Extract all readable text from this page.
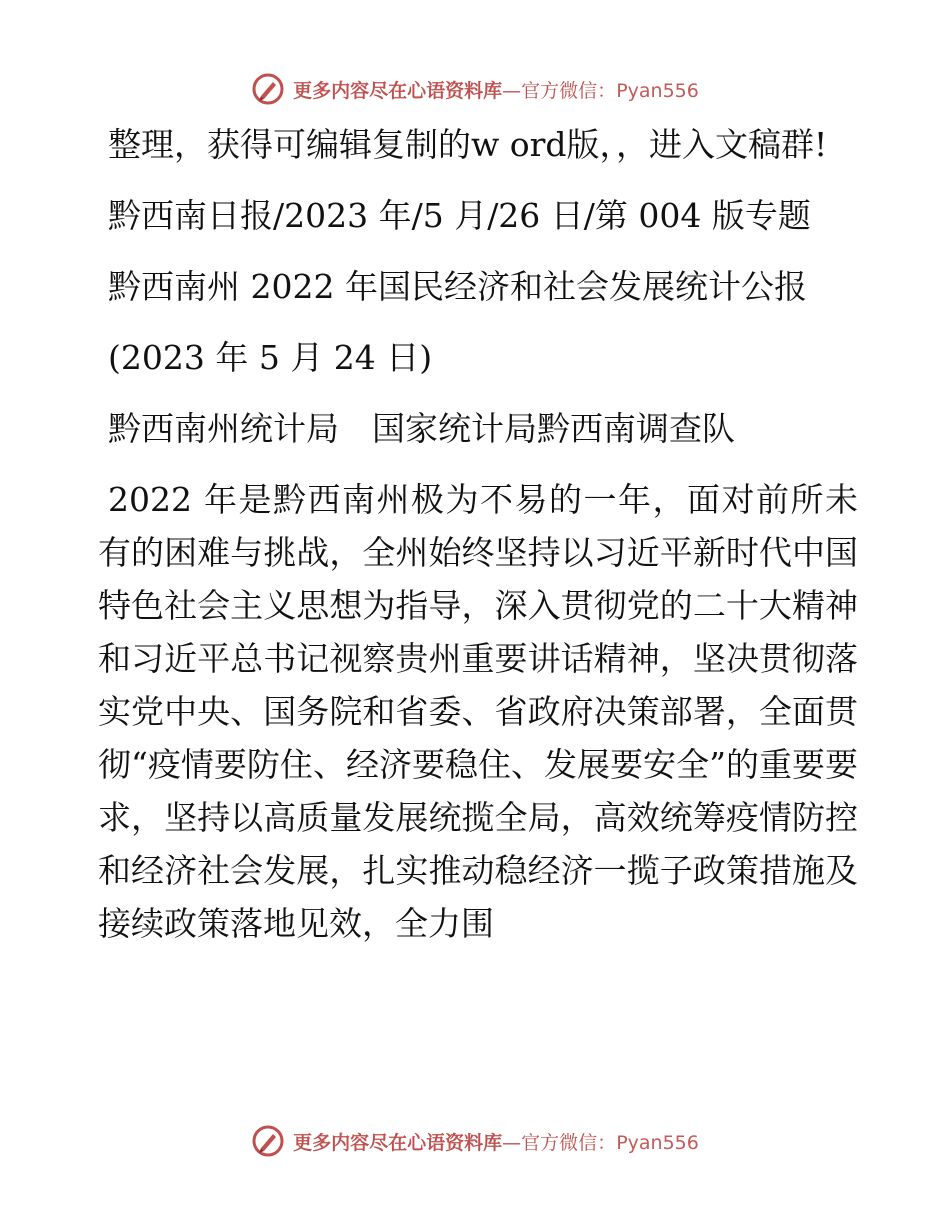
更多内容尽在心语资料库—官方微信：Pyan556

整理，获得可编辑复制的w ord版，，进入文稿群!

黔西南日报/2023 年/5 月/26 日/第 004 版专题

黔西南州 2022 年国民经济和社会发展统计公报

(2023 年 5 月 24 日)

黔西南州统计局　国家统计局黔西南调查队

2022 年是黔西南州极为不易的一年，面对前所未有的困难与挑战，全州始终坚持以习近平新时代中国特色社会主义思想为指导，深入贯彻党的二十大精神和习近平总书记视察贵州重要讲话精神，坚决贯彻落实党中央、国务院和省委、省政府决策部署，全面贯彻“疫情要防住、经济要稳住、发展要安全”的重要要求，坚持以高质量发展统揽全局，高效统筹疫情防控和经济社会发展，扎实推动稳经济一揽子政策措施及接续政策落地见效，全力围

更多内容尽在心语资料库—官方微信：Pyan556
